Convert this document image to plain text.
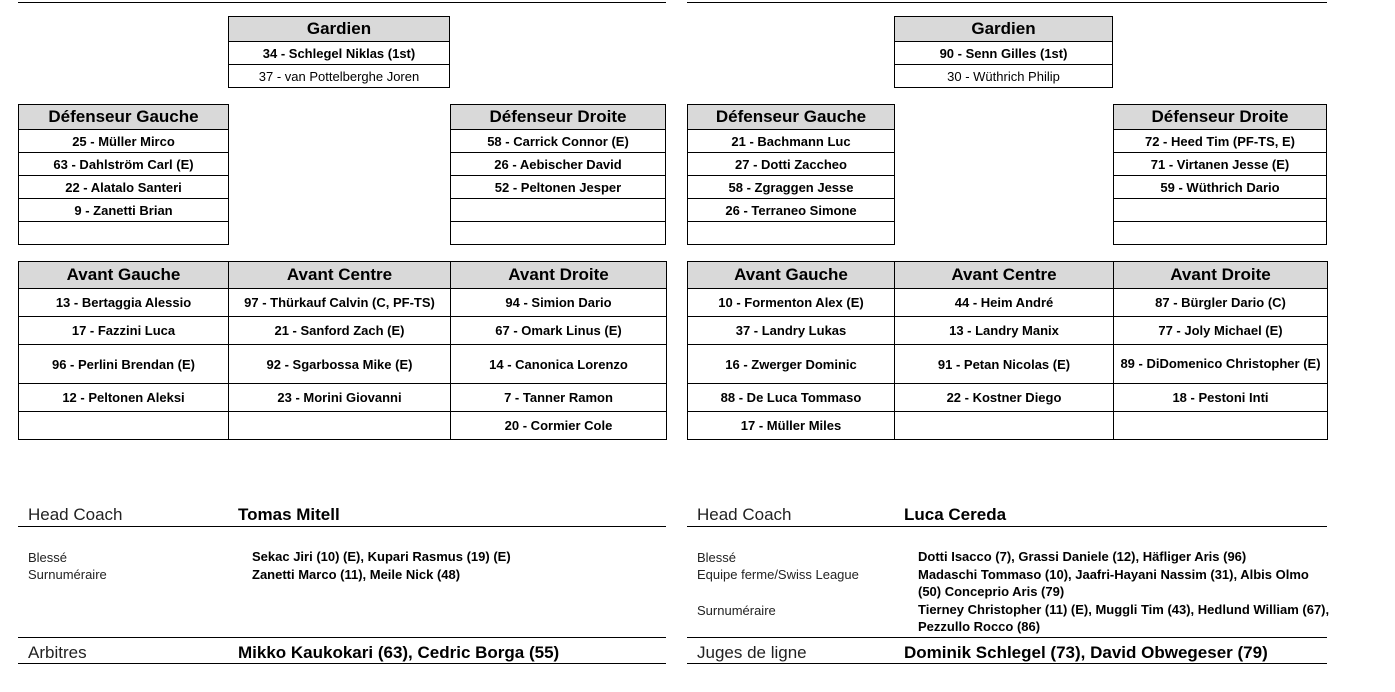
Gardien
34 - Schlegel Niklas (1st)
37 - van Pottelberghe Joren
Défenseur Gauche
25 - Müller Mirco
63 - Dahlström Carl (E)
22 - Alatalo Santeri
9 - Zanetti Brian

Défenseur Droite
58 - Carrick Connor (E)
26 - Aebischer David
52 - Peltonen Jesper

Avant Gauche	Avant Centre	Avant Droite
13 - Bertaggia Alessio	97 - Thürkauf Calvin (C, PF-TS)	94 - Simion Dario
17 - Fazzini Luca	21 - Sanford Zach (E)	67 - Omark Linus (E)
96 - Perlini Brendan (E)	92 - Sgarbossa Mike (E)	14 - Canonica Lorenzo
12 - Peltonen Aleksi	23 - Morini Giovanni	7 - Tanner Ramon
		20 - Cormier Cole
Gardien
90 - Senn Gilles (1st)
30 - Wüthrich Philip
Défenseur Gauche
21 - Bachmann Luc
27 - Dotti Zaccheo
58 - Zgraggen Jesse
26 - Terraneo Simone

Défenseur Droite
72 - Heed Tim (PF-TS, E)
71 - Virtanen Jesse (E)
59 - Wüthrich Dario

Avant Gauche	Avant Centre	Avant Droite
10 - Formenton Alex (E)	44 - Heim André	87 - Bürgler Dario (C)
37 - Landry Lukas	13 - Landry Manix	77 - Joly Michael (E)
16 - Zwerger Dominic	91 - Petan Nicolas (E)	89 - DiDomenico Christopher (E)
88 - De Luca Tommaso	22 - Kostner Diego	18 - Pestoni Inti
17 - Müller Miles		
Head Coach	Tomas Mitell
Blessé	Sekac Jiri (10) (E), Kupari Rasmus (19) (E)
Surnuméraire	Zanetti Marco (11), Meile Nick (48)
Arbitres	Mikko Kaukokari (63), Cedric Borga (55)
Head Coach	Luca Cereda
Blessé	Dotti Isacco (7), Grassi Daniele (12), Häfliger Aris (96)
Equipe ferme/Swiss League	Madaschi Tommaso (10), Jaafri-Hayani Nassim (31), Albis Olmo (50) Conceprio Aris (79)
Surnuméraire	Tierney Christopher (11) (E), Muggli Tim (43), Hedlund William (67), Pezzullo Rocco (86)
Juges de ligne	Dominik Schlegel (73), David Obwegeser (79)
